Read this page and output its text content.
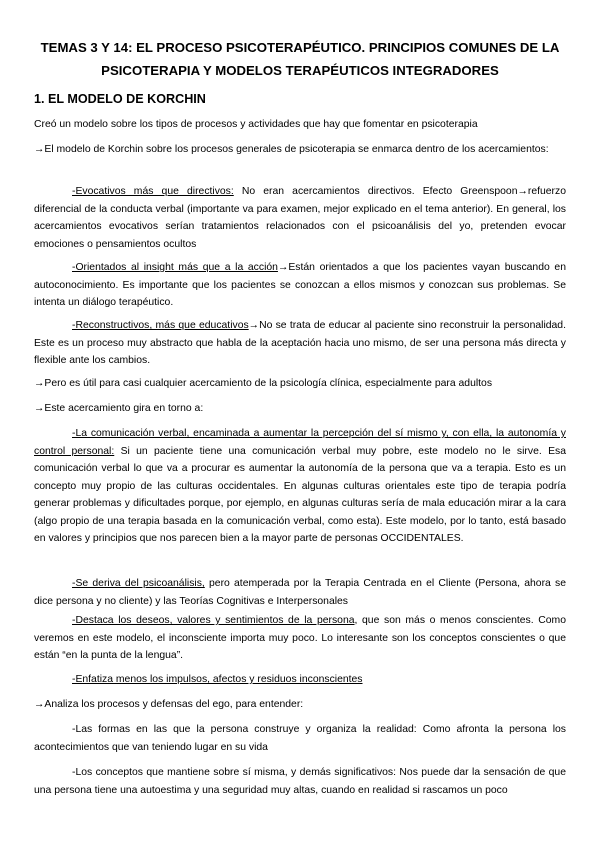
TEMAS 3 Y 14: EL PROCESO PSICOTERAPÉUTICO. PRINCIPIOS COMUNES DE LA
PSICOTERAPIA Y MODELOS TERAPÉUTICOS INTEGRADORES
1. EL MODELO DE KORCHIN

Creó un modelo sobre los tipos de procesos y actividades que hay que fomentar en psicoterapia

→El modelo de Korchin sobre los procesos generales de psicoterapia se enmarca dentro de los acercamientos:

-Evocativos más que directivos: No eran acercamientos directivos. Efecto Greenspoon→refuerzo diferencial de la conducta verbal (importante va para examen, mejor explicado en el tema anterior). En general, los acercamientos evocativos serían tratamientos relacionados con el psicoanálisis del yo, pretenden evocar emociones o pensamientos ocultos

-Orientados al insight más que a la acción→Están orientados a que los pacientes vayan buscando en autoconocimiento. Es importante que los pacientes se conozcan a ellos mismos y conozcan sus problemas. Se intenta un diálogo terapéutico.

-Reconstructivos, más que educativos→No se trata de educar al paciente sino reconstruir la personalidad. Este es un proceso muy abstracto que habla de la aceptación hacia uno mismo, de ser una persona más directa y flexible ante los cambios.

→Pero es útil para casi cualquier acercamiento de la psicología clínica, especialmente para adultos

→Este acercamiento gira en torno a:

-La comunicación verbal, encaminada a aumentar la percepción del sí mismo y, con ella, la autonomía y control personal: Si un paciente tiene una comunicación verbal muy pobre, este modelo no le sirve. Esa comunicación verbal lo que va a procurar es aumentar la autonomía de la persona que va a terapia. Esto es un concepto muy propio de las culturas occidentales. En algunas culturas orientales este tipo de terapia podría generar problemas y dificultades porque, por ejemplo, en algunas culturas sería de mala educación mirar a la cara (algo propio de una terapia basada en la comunicación verbal, como esta). Este modelo, por lo tanto, está basado en valores y principios que nos parecen bien a la mayor parte de personas OCCIDENTALES.

-Se deriva del psicoanálisis, pero atemperada por la Terapia Centrada en el Cliente (Persona, ahora se dice persona y no cliente) y las Teorías Cognitivas e Interpersonales

-Destaca los deseos, valores y sentimientos de la persona, que son más o menos conscientes. Como veremos en este modelo, el inconsciente importa muy poco. Lo interesante son los conceptos conscientes o que están “en la punta de la lengua”.

-Enfatiza menos los impulsos, afectos y residuos inconscientes

→Analiza los procesos y defensas del ego, para entender:

-Las formas en las que la persona construye y organiza la realidad: Como afronta la persona los acontecimientos que van teniendo lugar en su vida

-Los conceptos que mantiene sobre sí misma, y demás significativos: Nos puede dar la sensación de que una persona tiene una autoestima y una seguridad muy altas, cuando en realidad si rascamos un poco
